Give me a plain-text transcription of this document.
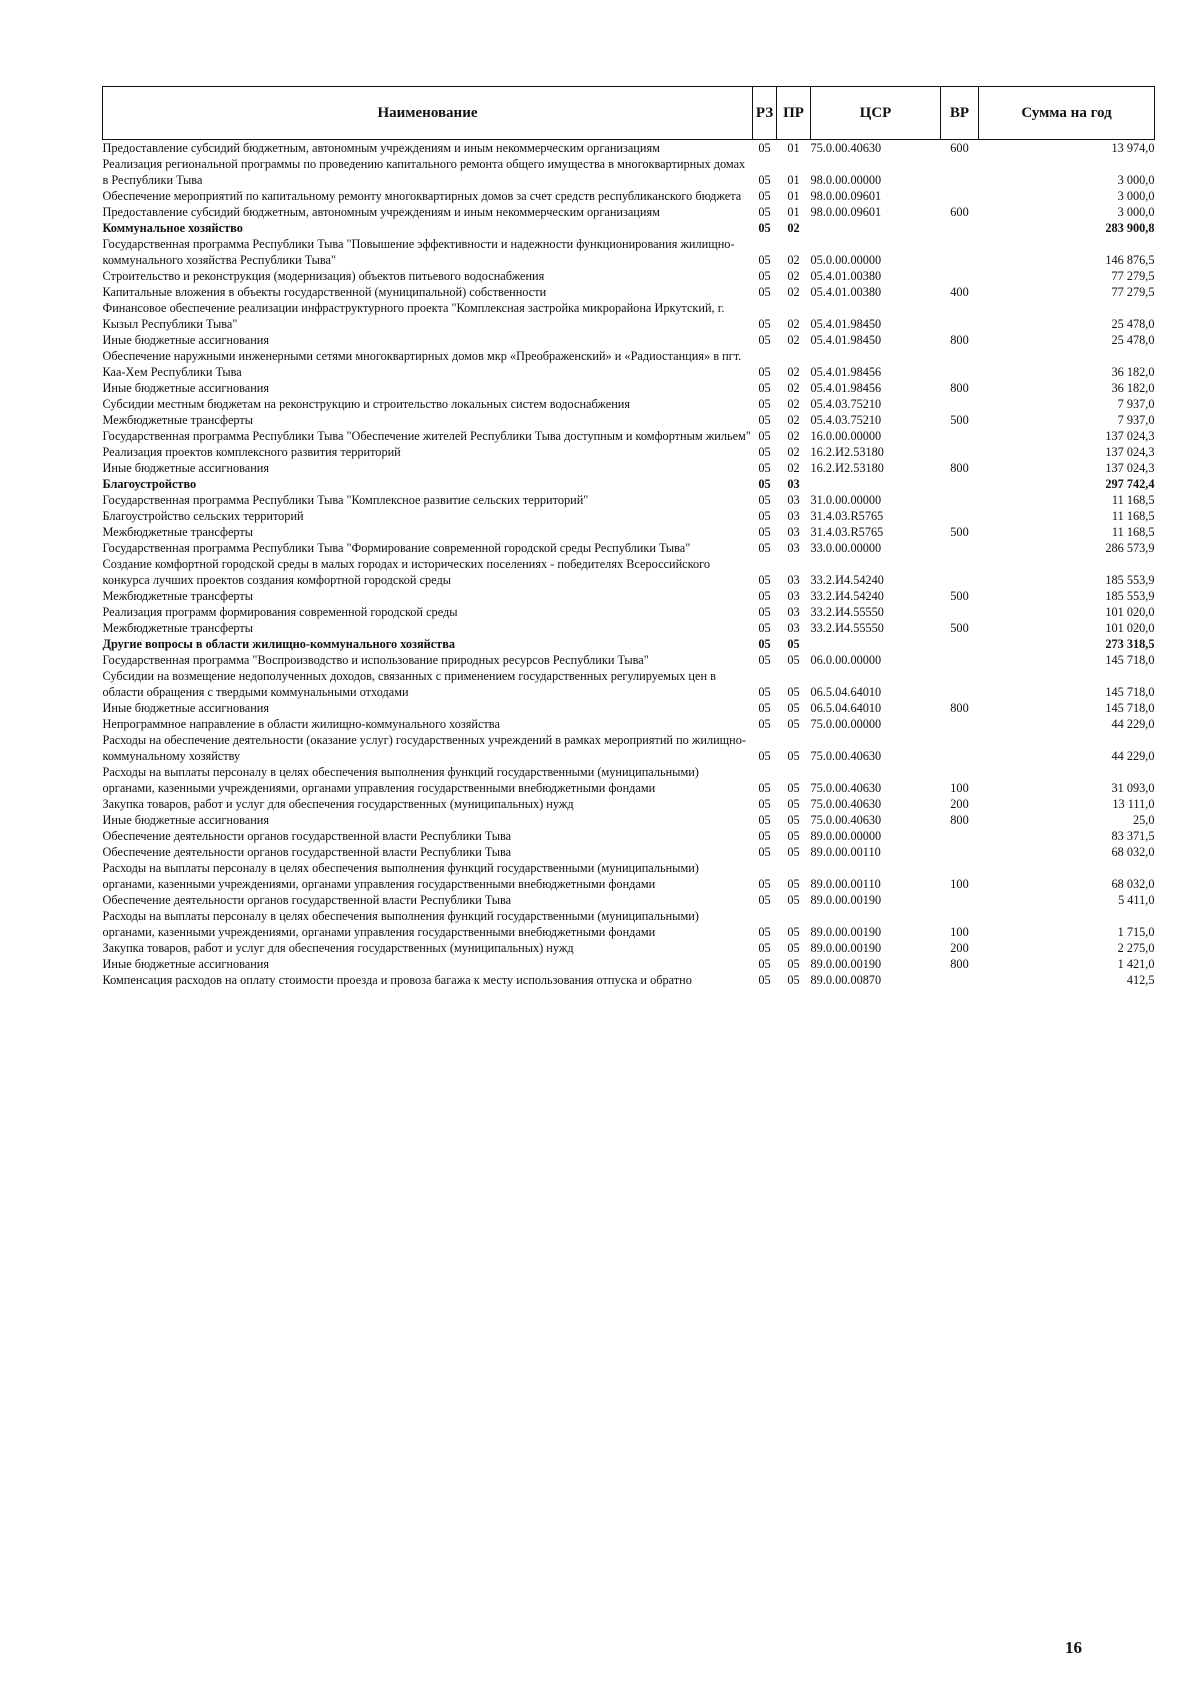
Наименование	РЗ	ПР	ЦСР	ВР	Сумма на год
Предоставление субсидий бюджетным, автономным учреждениям и иным некоммерческим организациям	05	01	75.0.00.40630	600	13 974,0
Реализация региональной программы по проведению капитального ремонта общего имущества в многоквартирных домах в Республики Тыва	05	01	98.0.00.00000		3 000,0
Обеспечение мероприятий по капитальному ремонту многоквартирных домов за счет средств республиканского бюджета	05	01	98.0.00.09601		3 000,0
Предоставление субсидий бюджетным, автономным учреждениям и иным некоммерческим организациям	05	01	98.0.00.09601	600	3 000,0
Коммунальное хозяйство	05	02			283 900,8
Государственная программа Республики Тыва "Повышение эффективности и надежности функционирования жилищно-коммунального хозяйства Республики Тыва"	05	02	05.0.00.00000		146 876,5
Строительство и реконструкция (модернизация) объектов питьевого водоснабжения	05	02	05.4.01.00380		77 279,5
Капитальные вложения в объекты государственной (муниципальной) собственности	05	02	05.4.01.00380	400	77 279,5
Финансовое обеспечение реализации инфраструктурного проекта "Комплексная застройка микрорайона Иркутский, г. Кызыл Республики Тыва"	05	02	05.4.01.98450		25 478,0
Иные бюджетные ассигнования	05	02	05.4.01.98450	800	25 478,0
Обеспечение наружными инженерными сетями многоквартирных домов мкр «Преображенский» и «Радиостанция» в пгт. Каа-Хем Республики Тыва	05	02	05.4.01.98456		36 182,0
Иные бюджетные ассигнования	05	02	05.4.01.98456	800	36 182,0
Субсидии местным бюджетам на реконструкцию и строительство локальных систем водоснабжения	05	02	05.4.03.75210		7 937,0
Межбюджетные трансферты	05	02	05.4.03.75210	500	7 937,0
Государственная программа Республики Тыва "Обеспечение жителей Республики Тыва доступным и комфортным жильем"	05	02	16.0.00.00000		137 024,3
Реализация проектов комплексного развития территорий	05	02	16.2.И2.53180		137 024,3
Иные бюджетные ассигнования	05	02	16.2.И2.53180	800	137 024,3
Благоустройство	05	03			297 742,4
Государственная программа Республики Тыва "Комплексное развитие сельских территорий"	05	03	31.0.00.00000		11 168,5
Благоустройство сельских территорий	05	03	31.4.03.R5765		11 168,5
Межбюджетные трансферты	05	03	31.4.03.R5765	500	11 168,5
Государственная программа Республики Тыва "Формирование современной городской среды Республики Тыва"	05	03	33.0.00.00000		286 573,9
Создание комфортной городской среды в малых городах и исторических поселениях - победителях Всероссийского конкурса лучших проектов создания комфортной городской среды	05	03	33.2.И4.54240		185 553,9
Межбюджетные трансферты	05	03	33.2.И4.54240	500	185 553,9
Реализация программ формирования современной городской среды	05	03	33.2.И4.55550		101 020,0
Межбюджетные трансферты	05	03	33.2.И4.55550	500	101 020,0
Другие вопросы в области жилищно-коммунального хозяйства	05	05			273 318,5
Государственная программа "Воспроизводство и использование природных ресурсов Республики Тыва"	05	05	06.0.00.00000		145 718,0
Субсидии на возмещение недополученных доходов, связанных с применением государственных регулируемых цен в области обращения с твердыми коммунальными отходами	05	05	06.5.04.64010		145 718,0
Иные бюджетные ассигнования	05	05	06.5.04.64010	800	145 718,0
Непрограммное направление в области жилищно-коммунального хозяйства	05	05	75.0.00.00000		44 229,0
Расходы на обеспечение деятельности (оказание услуг) государственных учреждений в рамках мероприятий по жилищно-коммунальному хозяйству	05	05	75.0.00.40630		44 229,0
Расходы на выплаты персоналу в целях обеспечения выполнения функций государственными (муниципальными) органами, казенными учреждениями, органами управления государственными внебюджетными фондами	05	05	75.0.00.40630	100	31 093,0
Закупка товаров, работ и услуг для обеспечения государственных (муниципальных) нужд	05	05	75.0.00.40630	200	13 111,0
Иные бюджетные ассигнования	05	05	75.0.00.40630	800	25,0
Обеспечение деятельности органов государственной власти Республики Тыва	05	05	89.0.00.00000		83 371,5
Обеспечение деятельности органов государственной власти Республики Тыва	05	05	89.0.00.00110		68 032,0
Расходы на выплаты персоналу в целях обеспечения выполнения функций государственными (муниципальными) органами, казенными учреждениями, органами управления государственными внебюджетными фондами	05	05	89.0.00.00110	100	68 032,0
Обеспечение деятельности органов государственной власти Республики Тыва	05	05	89.0.00.00190		5 411,0
Расходы на выплаты персоналу в целях обеспечения выполнения функций государственными (муниципальными) органами, казенными учреждениями, органами управления государственными внебюджетными фондами	05	05	89.0.00.00190	100	1 715,0
Закупка товаров, работ и услуг для обеспечения государственных (муниципальных) нужд	05	05	89.0.00.00190	200	2 275,0
Иные бюджетные ассигнования	05	05	89.0.00.00190	800	1 421,0
Компенсация расходов на оплату стоимости проезда и провоза багажа к месту использования отпуска и обратно	05	05	89.0.00.00870		412,5
16
